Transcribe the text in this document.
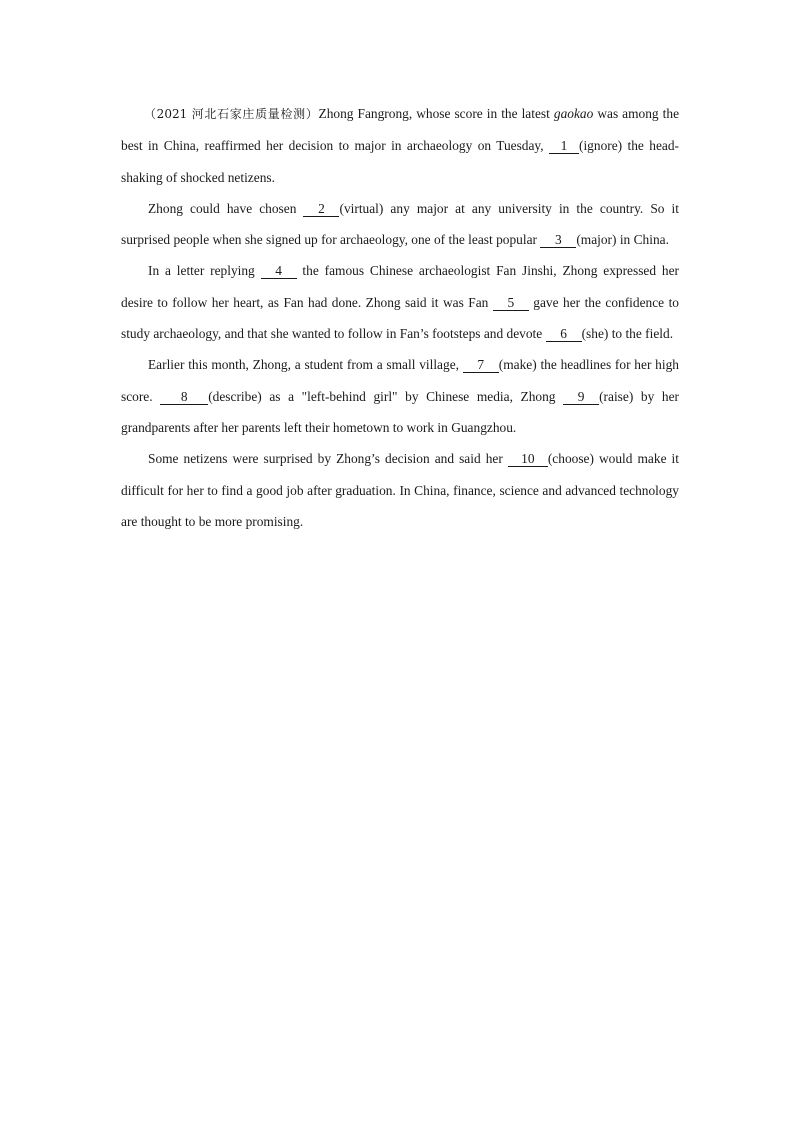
（2021 河北石家庄质量检测）Zhong Fangrong, whose score in the latest gaokao was among the best in China, reaffirmed her decision to major in archaeology on Tuesday, 1 (ignore) the head-shaking of shocked netizens.

Zhong could have chosen 2 (virtual) any major at any university in the country. So it surprised people when she signed up for archaeology, one of the least popular 3 (major) in China.

In a letter replying 4 the famous Chinese archaeologist Fan Jinshi, Zhong expressed her desire to follow her heart, as Fan had done. Zhong said it was Fan 5 gave her the confidence to study archaeology, and that she wanted to follow in Fan’s footsteps and devote 6 (she) to the field.

Earlier this month, Zhong, a student from a small village, 7 (make) the headlines for her high score. 8 (describe) as a "left-behind girl" by Chinese media, Zhong 9 (raise) by her grandparents after her parents left their hometown to work in Guangzhou.

Some netizens were surprised by Zhong’s decision and said her 10 (choose) would make it difficult for her to find a good job after graduation. In China, finance, science and advanced technology are thought to be more promising.
